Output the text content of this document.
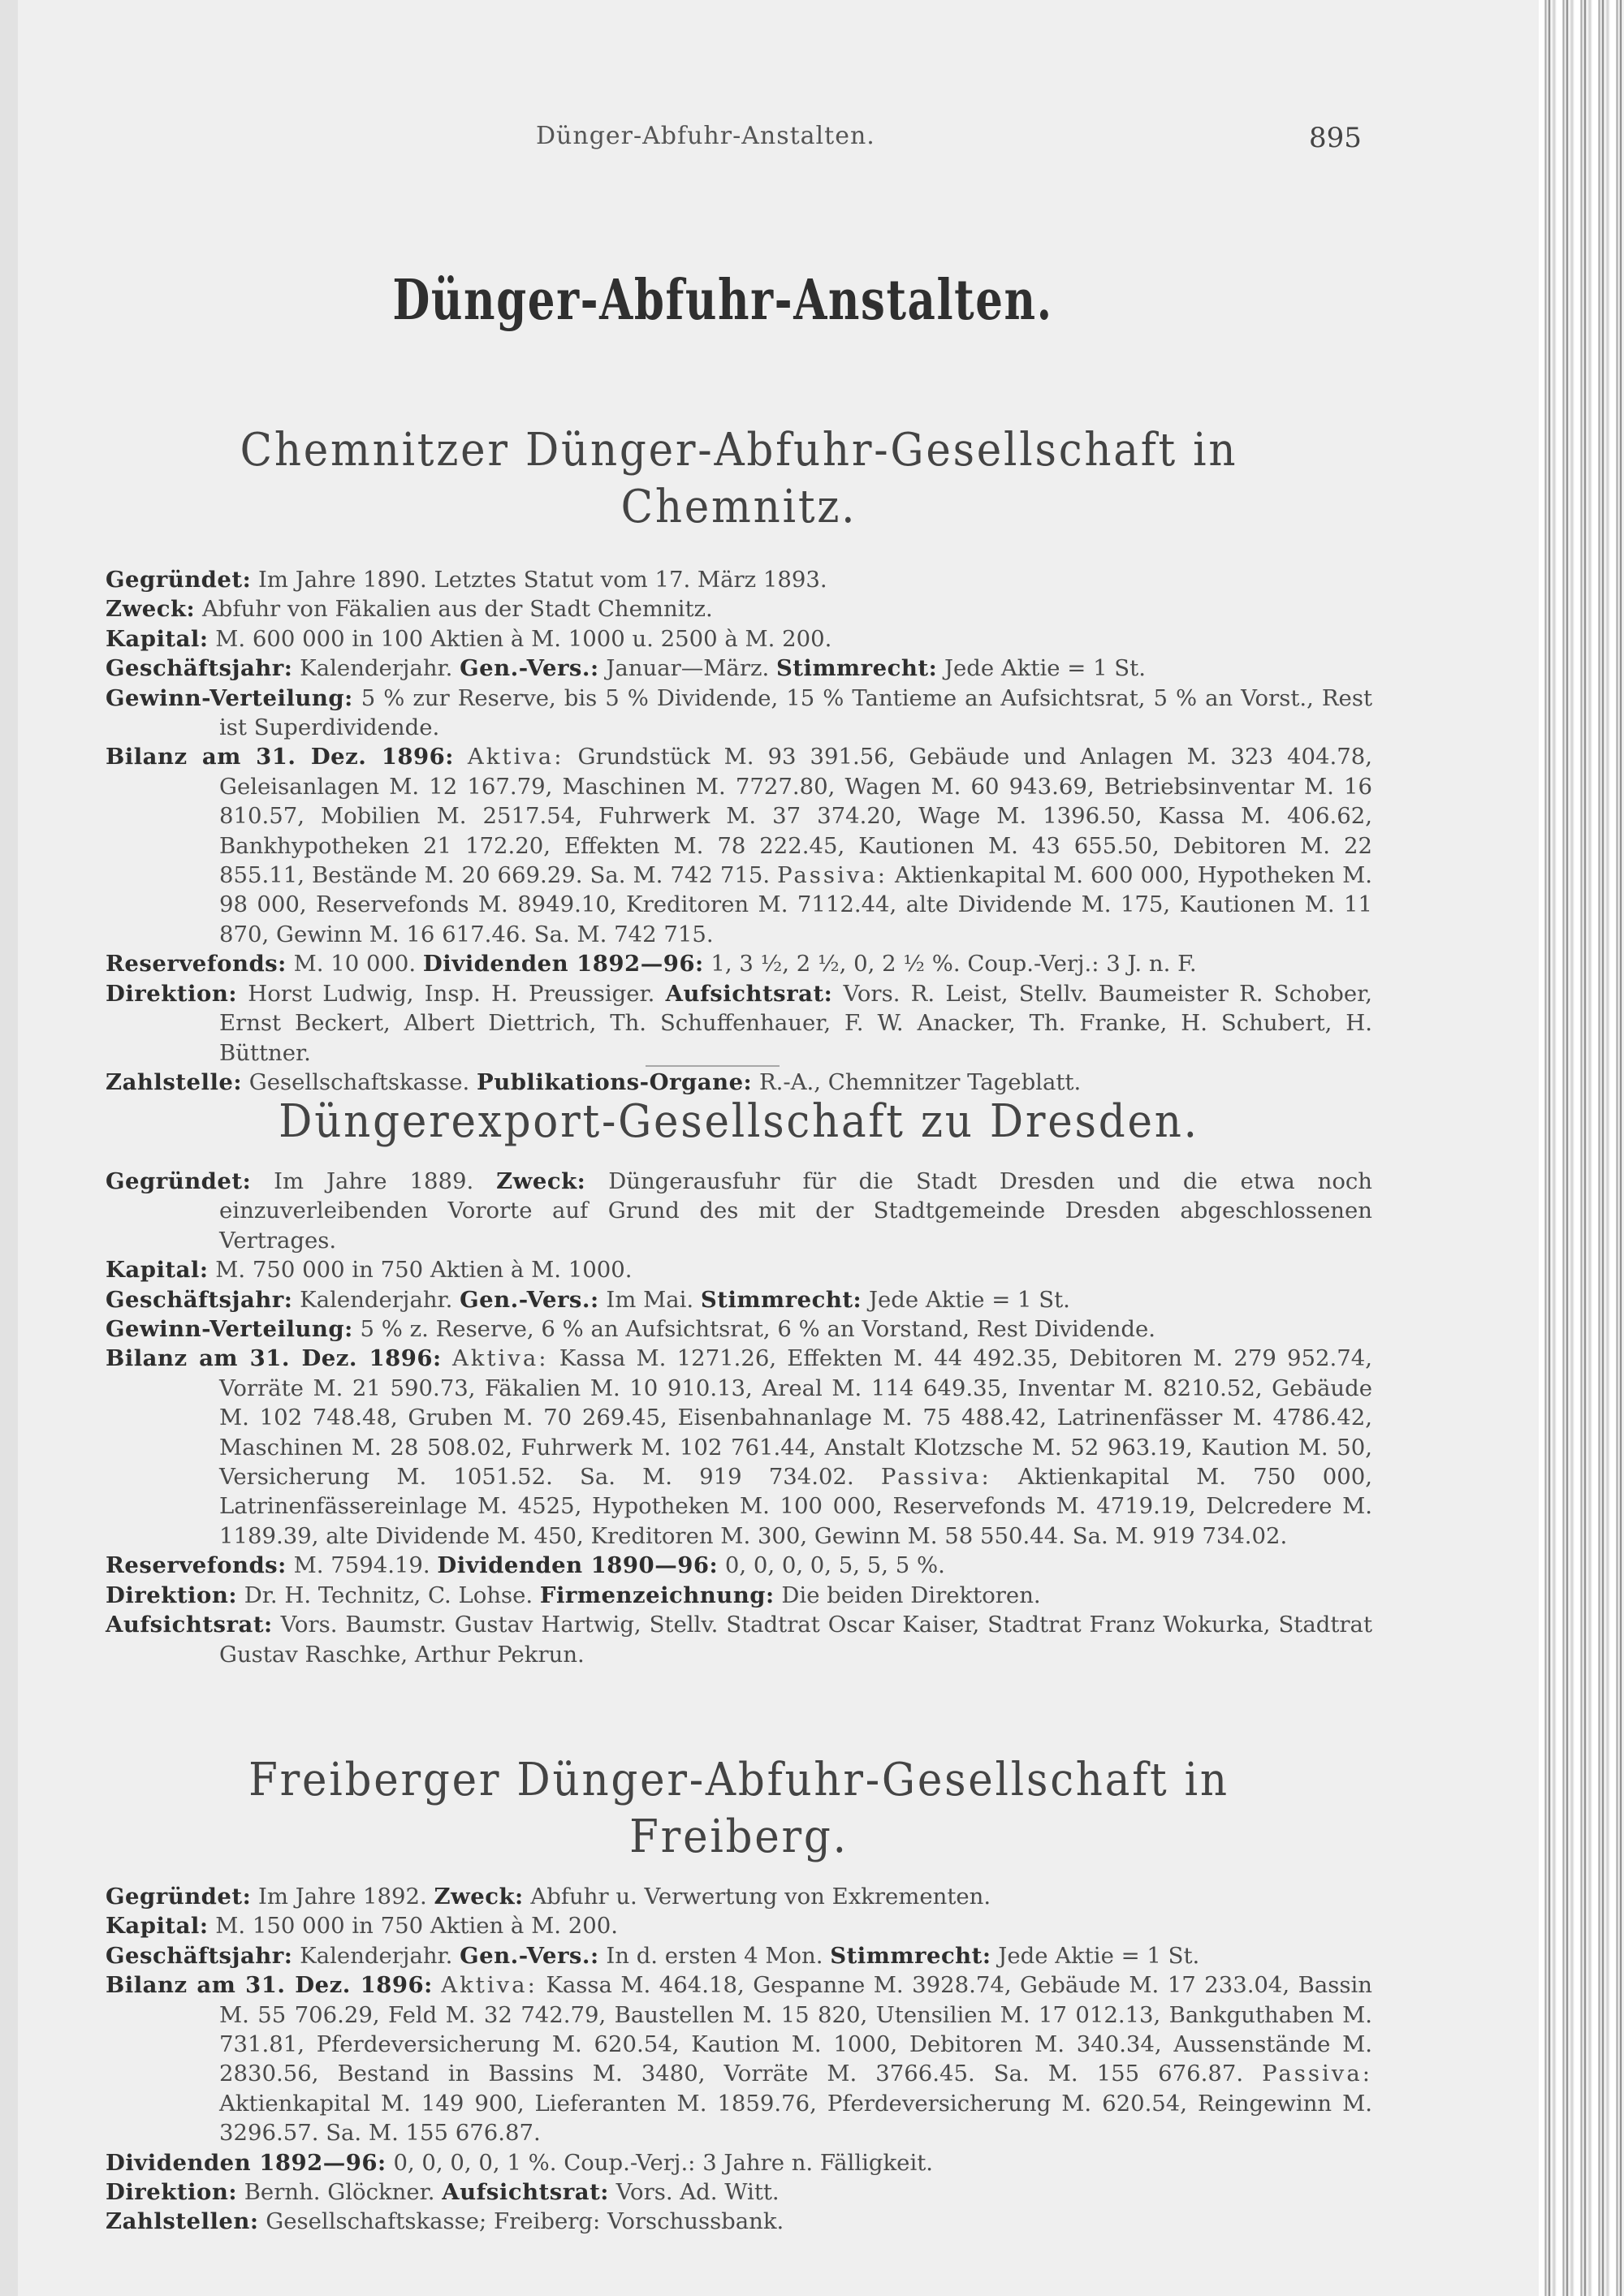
Dünger-Abfuhr-Anstalten.	895
Dünger-Abfuhr-Anstalten.
Chemnitzer Dünger-Abfuhr-Gesellschaft in Chemnitz.
Gegründet: Im Jahre 1890. Letztes Statut vom 17. März 1893.
Zweck: Abfuhr von Fäkalien aus der Stadt Chemnitz.
Kapital: M. 600 000 in 100 Aktien à M. 1000 u. 2500 à M. 200.
Geschäftsjahr: Kalenderjahr. Gen.-Vers.: Januar—März. Stimmrecht: Jede Aktie = 1 St.
Gewinn-Verteilung: 5 % zur Reserve, bis 5 % Dividende, 15 % Tantieme an Aufsichtsrat, 5 % an Vorst., Rest ist Superdividende.
Bilanz am 31. Dez. 1896: Aktiva: Grundstück M. 93 391.56, Gebäude und Anlagen M. 323 404.78, Geleisanlagen M. 12 167.79, Maschinen M. 7727.80, Wagen M. 60 943.69, Betriebsinventar M. 16 810.57, Mobilien M. 2517.54, Fuhrwerk M. 37 374.20, Wage M. 1396.50, Kassa M. 406.62, Bankhypotheken 21 172.20, Effekten M. 78 222.45, Kautionen M. 43 655.50, Debitoren M. 22 855.11, Bestände M. 20 669.29. Sa. M. 742 715. Passiva: Aktienkapital M. 600 000, Hypotheken M. 98 000, Reservefonds M. 8949.10, Kreditoren M. 7112.44, alte Dividende M. 175, Kautionen M. 11 870, Gewinn M. 16 617.46. Sa. M. 742 715.
Reservefonds: M. 10 000. Dividenden 1892—96: 1, 3 ½, 2 ½, 0, 2 ½ %. Coup.-Verj.: 3 J. n. F.
Direktion: Horst Ludwig, Insp. H. Preussiger. Aufsichtsrat: Vors. R. Leist, Stellv. Baumeister R. Schober, Ernst Beckert, Albert Diettrich, Th. Schuffenhauer, F. W. Anacker, Th. Franke, H. Schubert, H. Büttner.
Zahlstelle: Gesellschaftskasse. Publikations-Organe: R.-A., Chemnitzer Tageblatt.
Düngerexport-Gesellschaft zu Dresden.
Gegründet: Im Jahre 1889. Zweck: Düngerausfuhr für die Stadt Dresden und die etwa noch einzuverleibenden Vororte auf Grund des mit der Stadtgemeinde Dresden abgeschlossenen Vertrages.
Kapital: M. 750 000 in 750 Aktien à M. 1000.
Geschäftsjahr: Kalenderjahr. Gen.-Vers.: Im Mai. Stimmrecht: Jede Aktie = 1 St.
Gewinn-Verteilung: 5 % z. Reserve, 6 % an Aufsichtsrat, 6 % an Vorstand, Rest Dividende.
Bilanz am 31. Dez. 1896: Aktiva: Kassa M. 1271.26, Effekten M. 44 492.35, Debitoren M. 279 952.74, Vorräte M. 21 590.73, Fäkalien M. 10 910.13, Areal M. 114 649.35, Inventar M. 8210.52, Gebäude M. 102 748.48, Gruben M. 70 269.45, Eisenbahnanlage M. 75 488.42, Latrinenfässer M. 4786.42, Maschinen M. 28 508.02, Fuhrwerk M. 102 761.44, Anstalt Klotzsche M. 52 963.19, Kaution M. 50, Versicherung M. 1051.52. Sa. M. 919 734.02. Passiva: Aktienkapital M. 750 000, Latrinenfässereinlage M. 4525, Hypotheken M. 100 000, Reservefonds M. 4719.19, Delcredere M. 1189.39, alte Dividende M. 450, Kreditoren M. 300, Gewinn M. 58 550.44. Sa. M. 919 734.02.
Reservefonds: M. 7594.19. Dividenden 1890—96: 0, 0, 0, 0, 5, 5, 5 %.
Direktion: Dr. H. Technitz, C. Lohse. Firmenzeichnung: Die beiden Direktoren.
Aufsichtsrat: Vors. Baumstr. Gustav Hartwig, Stellv. Stadtrat Oscar Kaiser, Stadtrat Franz Wokurka, Stadtrat Gustav Raschke, Arthur Pekrun.
Freiberger Dünger-Abfuhr-Gesellschaft in Freiberg.
Gegründet: Im Jahre 1892. Zweck: Abfuhr u. Verwertung von Exkrementen.
Kapital: M. 150 000 in 750 Aktien à M. 200.
Geschäftsjahr: Kalenderjahr. Gen.-Vers.: In d. ersten 4 Mon. Stimmrecht: Jede Aktie = 1 St.
Bilanz am 31. Dez. 1896: Aktiva: Kassa M. 464.18, Gespanne M. 3928.74, Gebäude M. 17 233.04, Bassin M. 55 706.29, Feld M. 32 742.79, Baustellen M. 15 820, Utensilien M. 17 012.13, Bankguthaben M. 731.81, Pferdeversicherung M. 620.54, Kaution M. 1000, Debitoren M. 340.34, Aussenstände M. 2830.56, Bestand in Bassins M. 3480, Vorräte M. 3766.45. Sa. M. 155 676.87. Passiva: Aktienkapital M. 149 900, Lieferanten M. 1859.76, Pferdeversicherung M. 620.54, Reingewinn M. 3296.57. Sa. M. 155 676.87.
Dividenden 1892—96: 0, 0, 0, 0, 1 %. Coup.-Verj.: 3 Jahre n. Fälligkeit.
Direktion: Bernh. Glöckner. Aufsichtsrat: Vors. Ad. Witt.
Zahlstellen: Gesellschaftskasse; Freiberg: Vorschussbank.
